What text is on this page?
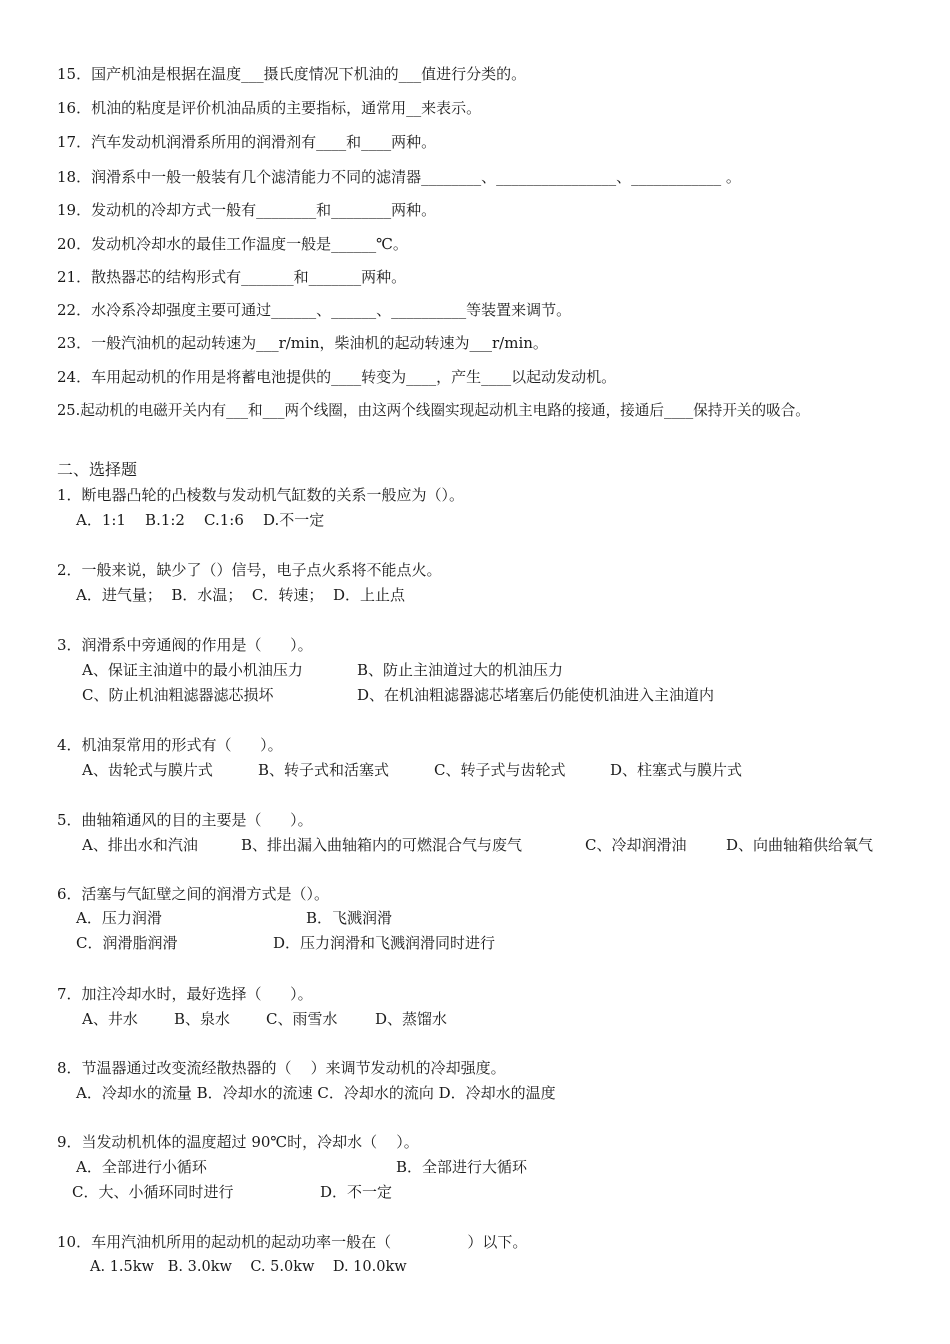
15．国产机油是根据在温度___摄氏度情况下机油的___值进行分类的。
16．机油的粘度是评价机油品质的主要指标，通常用__来表示。
17．汽车发动机润滑系所用的润滑剂有____和____两种。
18．润滑系中一般一般装有几个滤清能力不同的滤清器________、________________、____________ 。
19．发动机的冷却方式一般有________和________两种。
20．发动机冷却水的最佳工作温度一般是______℃。
21．散热器芯的结构形式有_______和_______两种。
22．水冷系冷却强度主要可通过______、______、__________等装置来调节。
23．一般汽油机的起动转速为___r/min，柴油机的起动转速为___r/min。
24．车用起动机的作用是将蓄电池提供的____转变为____，产生____以起动发动机。
25.起动机的电磁开关内有___和___两个线圈，由这两个线圈实现起动机主电路的接通，接通后____保持开关的吸合。
二、选择题
1．断电器凸轮的凸棱数与发动机气缸数的关系一般应为（）。
A．1:1    B.1:2    C.1:6    D.不一定
2．一般来说，缺少了（）信号，电子点火系将不能点火。
A．进气量；  B．水温；  C．转速；  D．上止点
3．润滑系中旁通阀的作用是（      ）。
A、保证主油道中的最小机油压力	B、防止主油道过大的机油压力
C、防止机油粗滤器滤芯损坏	D、在机油粗滤器滤芯堵塞后仍能使机油进入主油道内
4．机油泵常用的形式有（      ）。
A、齿轮式与膜片式	B、转子式和活塞式	C、转子式与齿轮式	D、柱塞式与膜片式
5．曲轴箱通风的目的主要是（      ）。
A、排出水和汽油	B、排出漏入曲轴箱内的可燃混合气与废气	C、冷却润滑油	D、向曲轴箱供给氧气
6．活塞与气缸壁之间的润滑方式是（）。
A．压力润滑	B．飞溅润滑
C．润滑脂润滑	D．压力润滑和飞溅润滑同时进行
7．加注冷却水时，最好选择（      ）。
A、井水 B、泉水 C、雨雪水	D、蒸馏水
8．节温器通过改变流经散热器的（    ）来调节发动机的冷却强度。
A．冷却水的流量 B．冷却水的流速 C．冷却水的流向 D．冷却水的温度
9．当发动机机体的温度超过 90℃时，冷却水（    ）。
A．全部进行小循环	B．全部进行大循环
C．大、小循环同时进行	D．不一定
10．车用汽油机所用的起动机的起动功率一般在（                ）以下。
A. 1.5kw   B. 3.0kw    C. 5.0kw    D. 10.0kw
